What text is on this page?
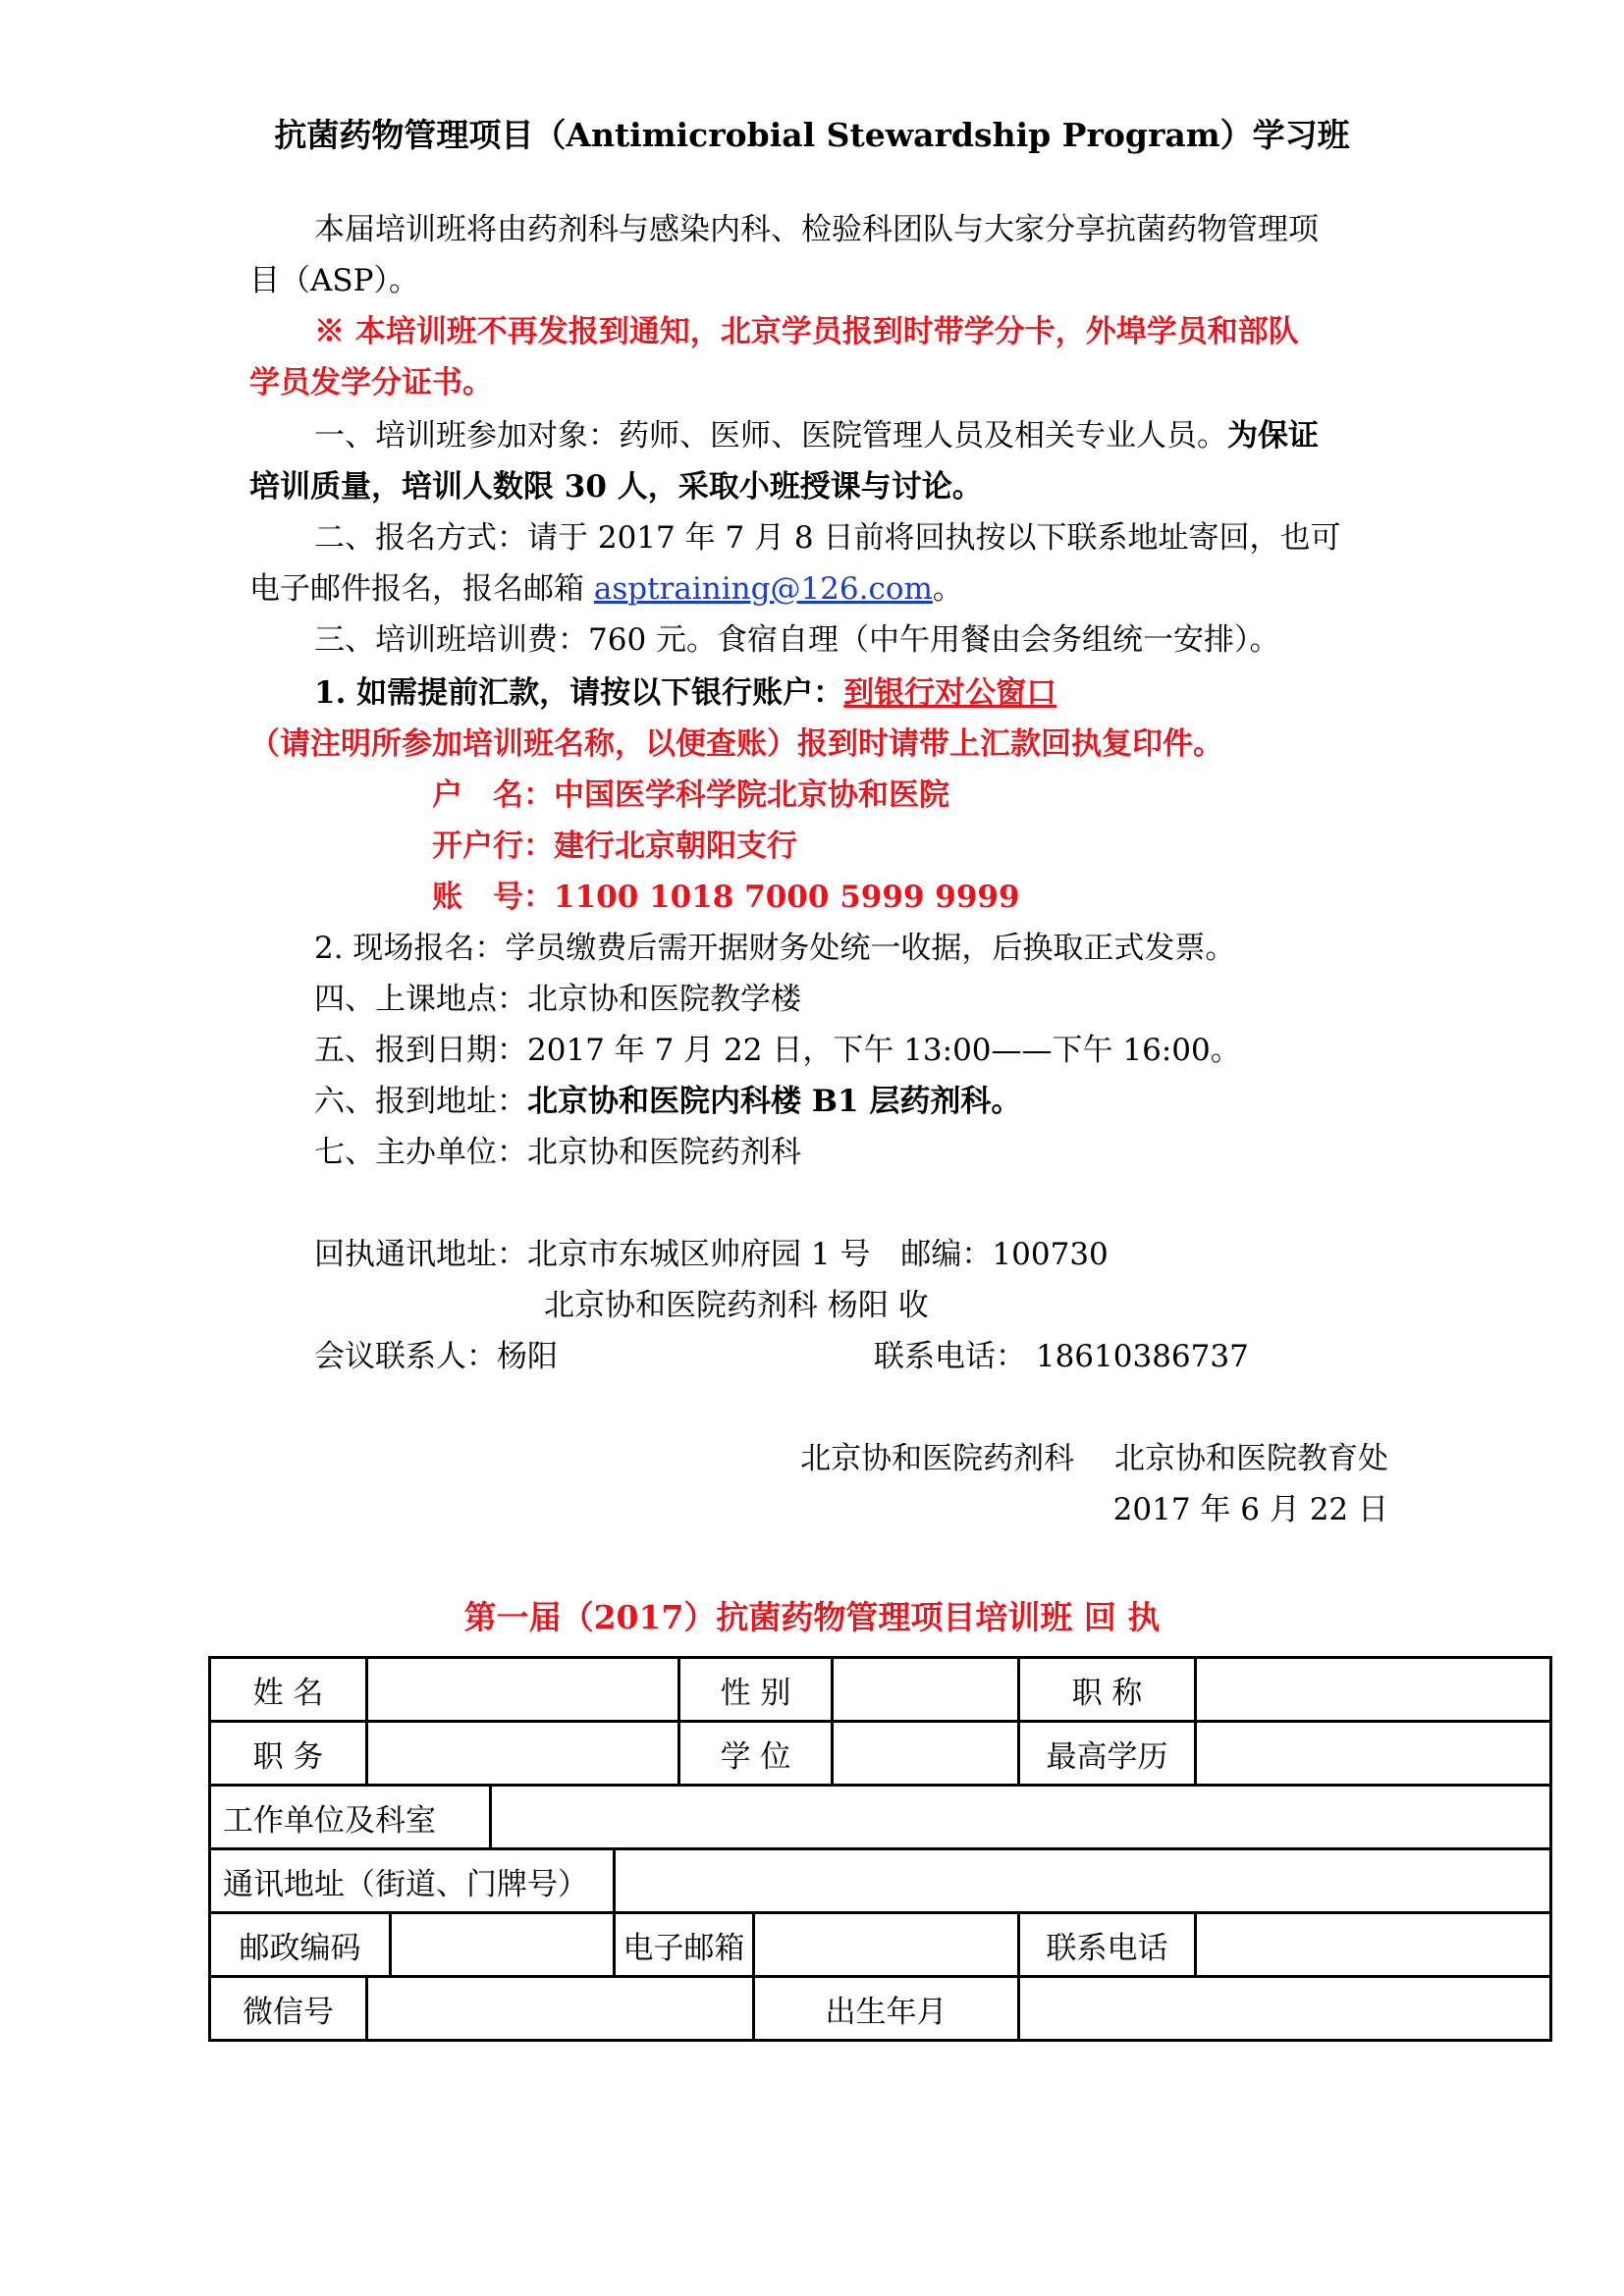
抗菌药物管理项目（Antimicrobial Stewardship Program）学习班
本届培训班将由药剂科与感染内科、检验科团队与大家分享抗菌药物管理项
目（ASP）。
※ 本培训班不再发报到通知，北京学员报到时带学分卡，外埠学员和部队
学员发学分证书。
一、培训班参加对象：药师、医师、医院管理人员及相关专业人员。为保证
培训质量，培训人数限 30 人，采取小班授课与讨论。
二、报名方式：请于 2017 年 7 月 8 日前将回执按以下联系地址寄回，也可
电子邮件报名，报名邮箱 asptraining@126.com。
三、培训班培训费：760 元。食宿自理（中午用餐由会务组统一安排）。
1. 如需提前汇款，请按以下银行账户：到银行对公窗口
（请注明所参加培训班名称，以便查账）报到时请带上汇款回执复印件。
户　名：中国医学科学院北京协和医院
开户行：建行北京朝阳支行
账　号：1100 1018 7000 5999 9999
2. 现场报名：学员缴费后需开据财务处统一收据，后换取正式发票。
四、上课地点：北京协和医院教学楼
五、报到日期：2017 年 7 月 22 日，下午 13:00——下午 16:00。
六、报到地址：北京协和医院内科楼 B1 层药剂科。
七、主办单位：北京协和医院药剂科
回执通讯地址：北京市东城区帅府园 1 号　邮编：100730
北京协和医院药剂科 杨阳 收
会议联系人：杨阳	联系电话： 18610386737
北京协和医院药剂科　 北京协和医院教育处
2017 年 6 月 22 日
第一届（2017）抗菌药物管理项目培训班 回 执
姓 名					性 别			职 称	
职 务					学 位			最高学历	
工作单位及科室									
通讯地址（街道、门牌号）									
邮政编码				电子邮箱				联系电话	
微信号						出生年月			
